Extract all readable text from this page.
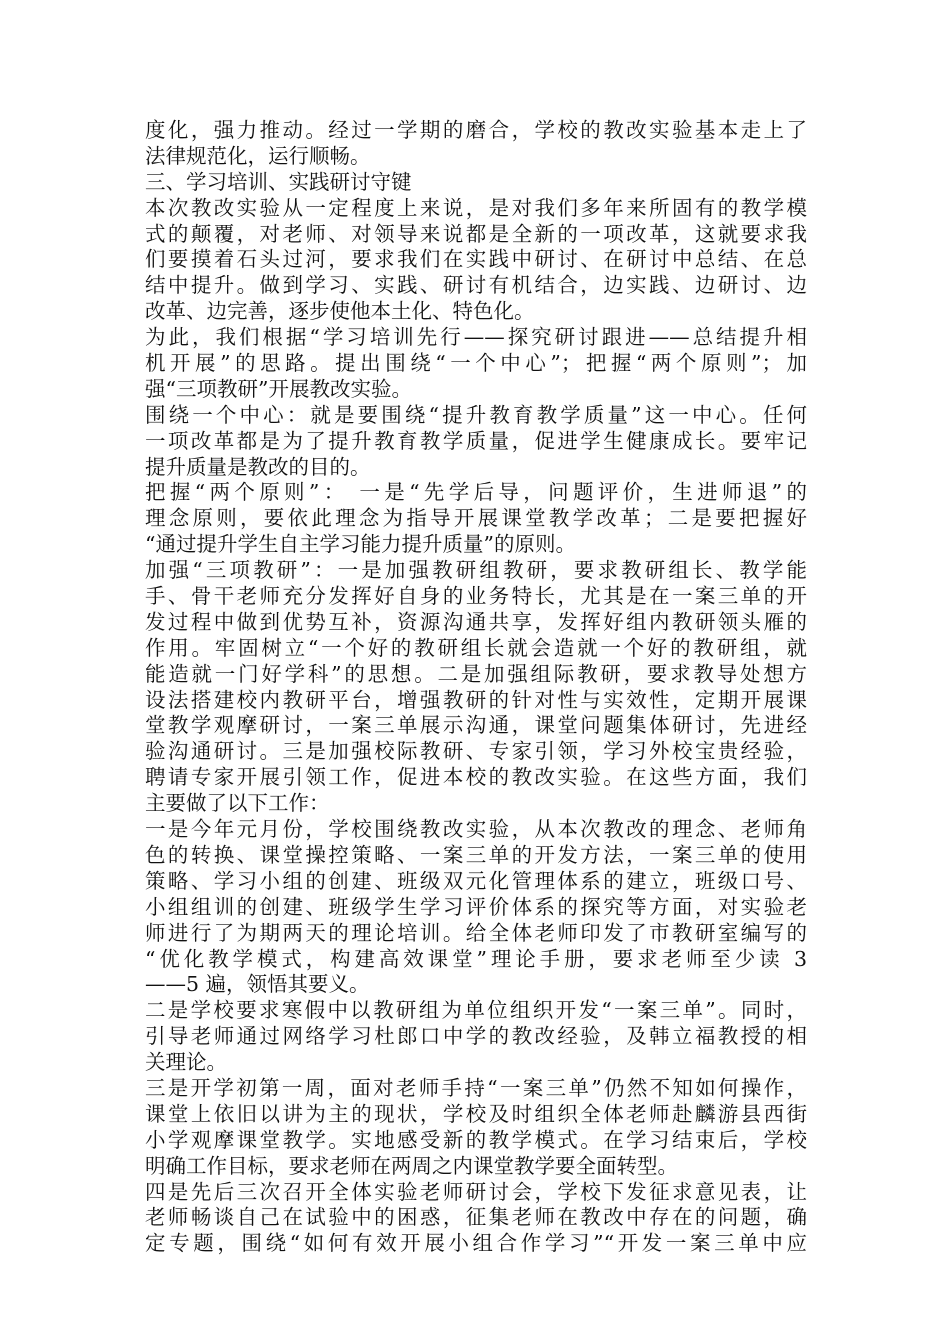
度化，强力推动。经过一学期的磨合，学校的教改实验基本走上了
法律规范化，运行顺畅。
三、学习培训、实践研讨守键
本次教改实验从一定程度上来说，是对我们多年来所固有的教学模
式的颠覆，对老师、对领导来说都是全新的一项改革，这就要求我
们要摸着石头过河，要求我们在实践中研讨、在研讨中总结、在总
结中提升。做到学习、实践、研讨有机结合，边实践、边研讨、边
改革、边完善，逐步使他本土化、特色化。
为此，我们根据“学习培训先行——探究研讨跟进——总结提升相
机开展”的思路。提出围绕“一个中心”；把握“两个原则”；加
强“三项教研”开展教改实验。
围绕一个中心：就是要围绕“提升教育教学质量”这一中心。任何
一项改革都是为了提升教育教学质量，促进学生健康成长。要牢记
提升质量是教改的目的。
把握“两个原则”： 一是“先学后导，问题评价，生进师退”的
理念原则，要依此理念为指导开展课堂教学改革；二是要把握好
“通过提升学生自主学习能力提升质量”的原则。
加强“三项教研”：一是加强教研组教研，要求教研组长、教学能
手、骨干老师充分发挥好自身的业务特长，尤其是在一案三单的开
发过程中做到优势互补，资源沟通共享，发挥好组内教研领头雁的
作用。牢固树立“一个好的教研组长就会造就一个好的教研组，就
能造就一门好学科”的思想。二是加强组际教研，要求教导处想方
设法搭建校内教研平台，增强教研的针对性与实效性，定期开展课
堂教学观摩研讨，一案三单展示沟通，课堂问题集体研讨，先进经
验沟通研讨。三是加强校际教研、专家引领，学习外校宝贵经验，
聘请专家开展引领工作，促进本校的教改实验。在这些方面，我们
主要做了以下工作：
一是今年元月份，学校围绕教改实验，从本次教改的理念、老师角
色的转换、课堂操控策略、一案三单的开发方法，一案三单的使用
策略、学习小组的创建、班级双元化管理体系的建立，班级口号、
小组组训的创建、班级学生学习评价体系的探究等方面，对实验老
师进行了为期两天的理论培训。给全体老师印发了市教研室编写的
“优化教学模式，构建高效课堂”理论手册，要求老师至少读 3
——5 遍，领悟其要义。
二是学校要求寒假中以教研组为单位组织开发“一案三单”。同时，
引导老师通过网络学习杜郎口中学的教改经验，及韩立福教授的相
关理论。
三是开学初第一周，面对老师手持“一案三单”仍然不知如何操作，
课堂上依旧以讲为主的现状，学校及时组织全体老师赴麟游县西街
小学观摩课堂教学。实地感受新的教学模式。在学习结束后，学校
明确工作目标，要求老师在两周之内课堂教学要全面转型。
四是先后三次召开全体实验老师研讨会，学校下发征求意见表，让
老师畅谈自己在试验中的困惑，征集老师在教改中存在的问题，确
定专题，围绕“如何有效开展小组合作学习”“开发一案三单中应
